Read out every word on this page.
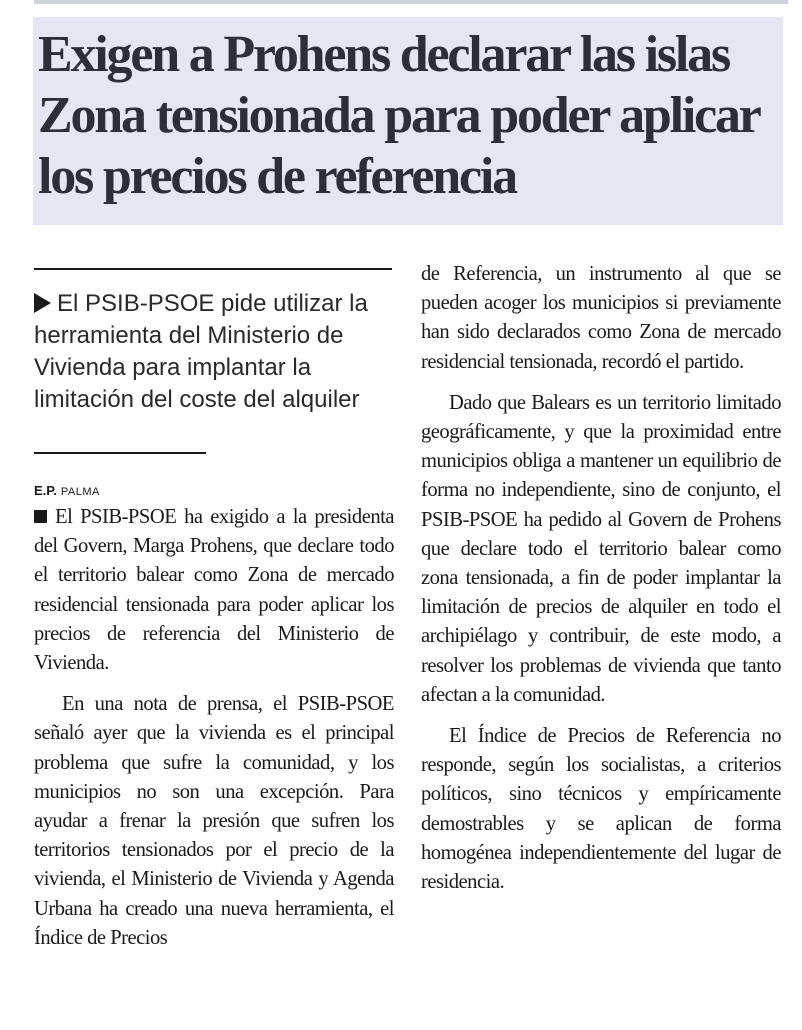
Exigen a Prohens declarar las islas Zona tensionada para poder aplicar los precios de referencia

El PSIB-PSOE pide utilizar la herramienta del Ministerio de Vivienda para implantar la limitación del coste del alquiler

E.P. PALMA

El PSIB-PSOE ha exigido a la presidenta del Govern, Marga Prohens, que declare todo el territorio balear como Zona de mercado residencial tensionada para poder aplicar los precios de referencia del Ministerio de Vivienda.

En una nota de prensa, el PSIB-PSOE señaló ayer que la vivienda es el principal problema que sufre la comunidad, y los municipios no son una excepción. Para ayudar a frenar la presión que sufren los territorios tensionados por el precio de la vivienda, el Ministerio de Vivienda y Agenda Urbana ha creado una nueva herramienta, el Índice de Precios

de Referencia, un instrumento al que se pueden acoger los municipios si previamente han sido declarados como Zona de mercado residencial tensionada, recordó el partido.

Dado que Balears es un territorio limitado geográficamente, y que la proximidad entre municipios obliga a mantener un equilibrio de forma no independiente, sino de conjunto, el PSIB-PSOE ha pedido al Govern de Prohens que declare todo el territorio balear como zona tensionada, a fin de poder implantar la limitación de precios de alquiler en todo el archipiélago y contribuir, de este modo, a resolver los problemas de vivienda que tanto afectan a la comunidad.

El Índice de Precios de Referencia no responde, según los socialistas, a criterios políticos, sino técnicos y empíricamente demostrables y se aplican de forma homogénea independientemente del lugar de residencia.
